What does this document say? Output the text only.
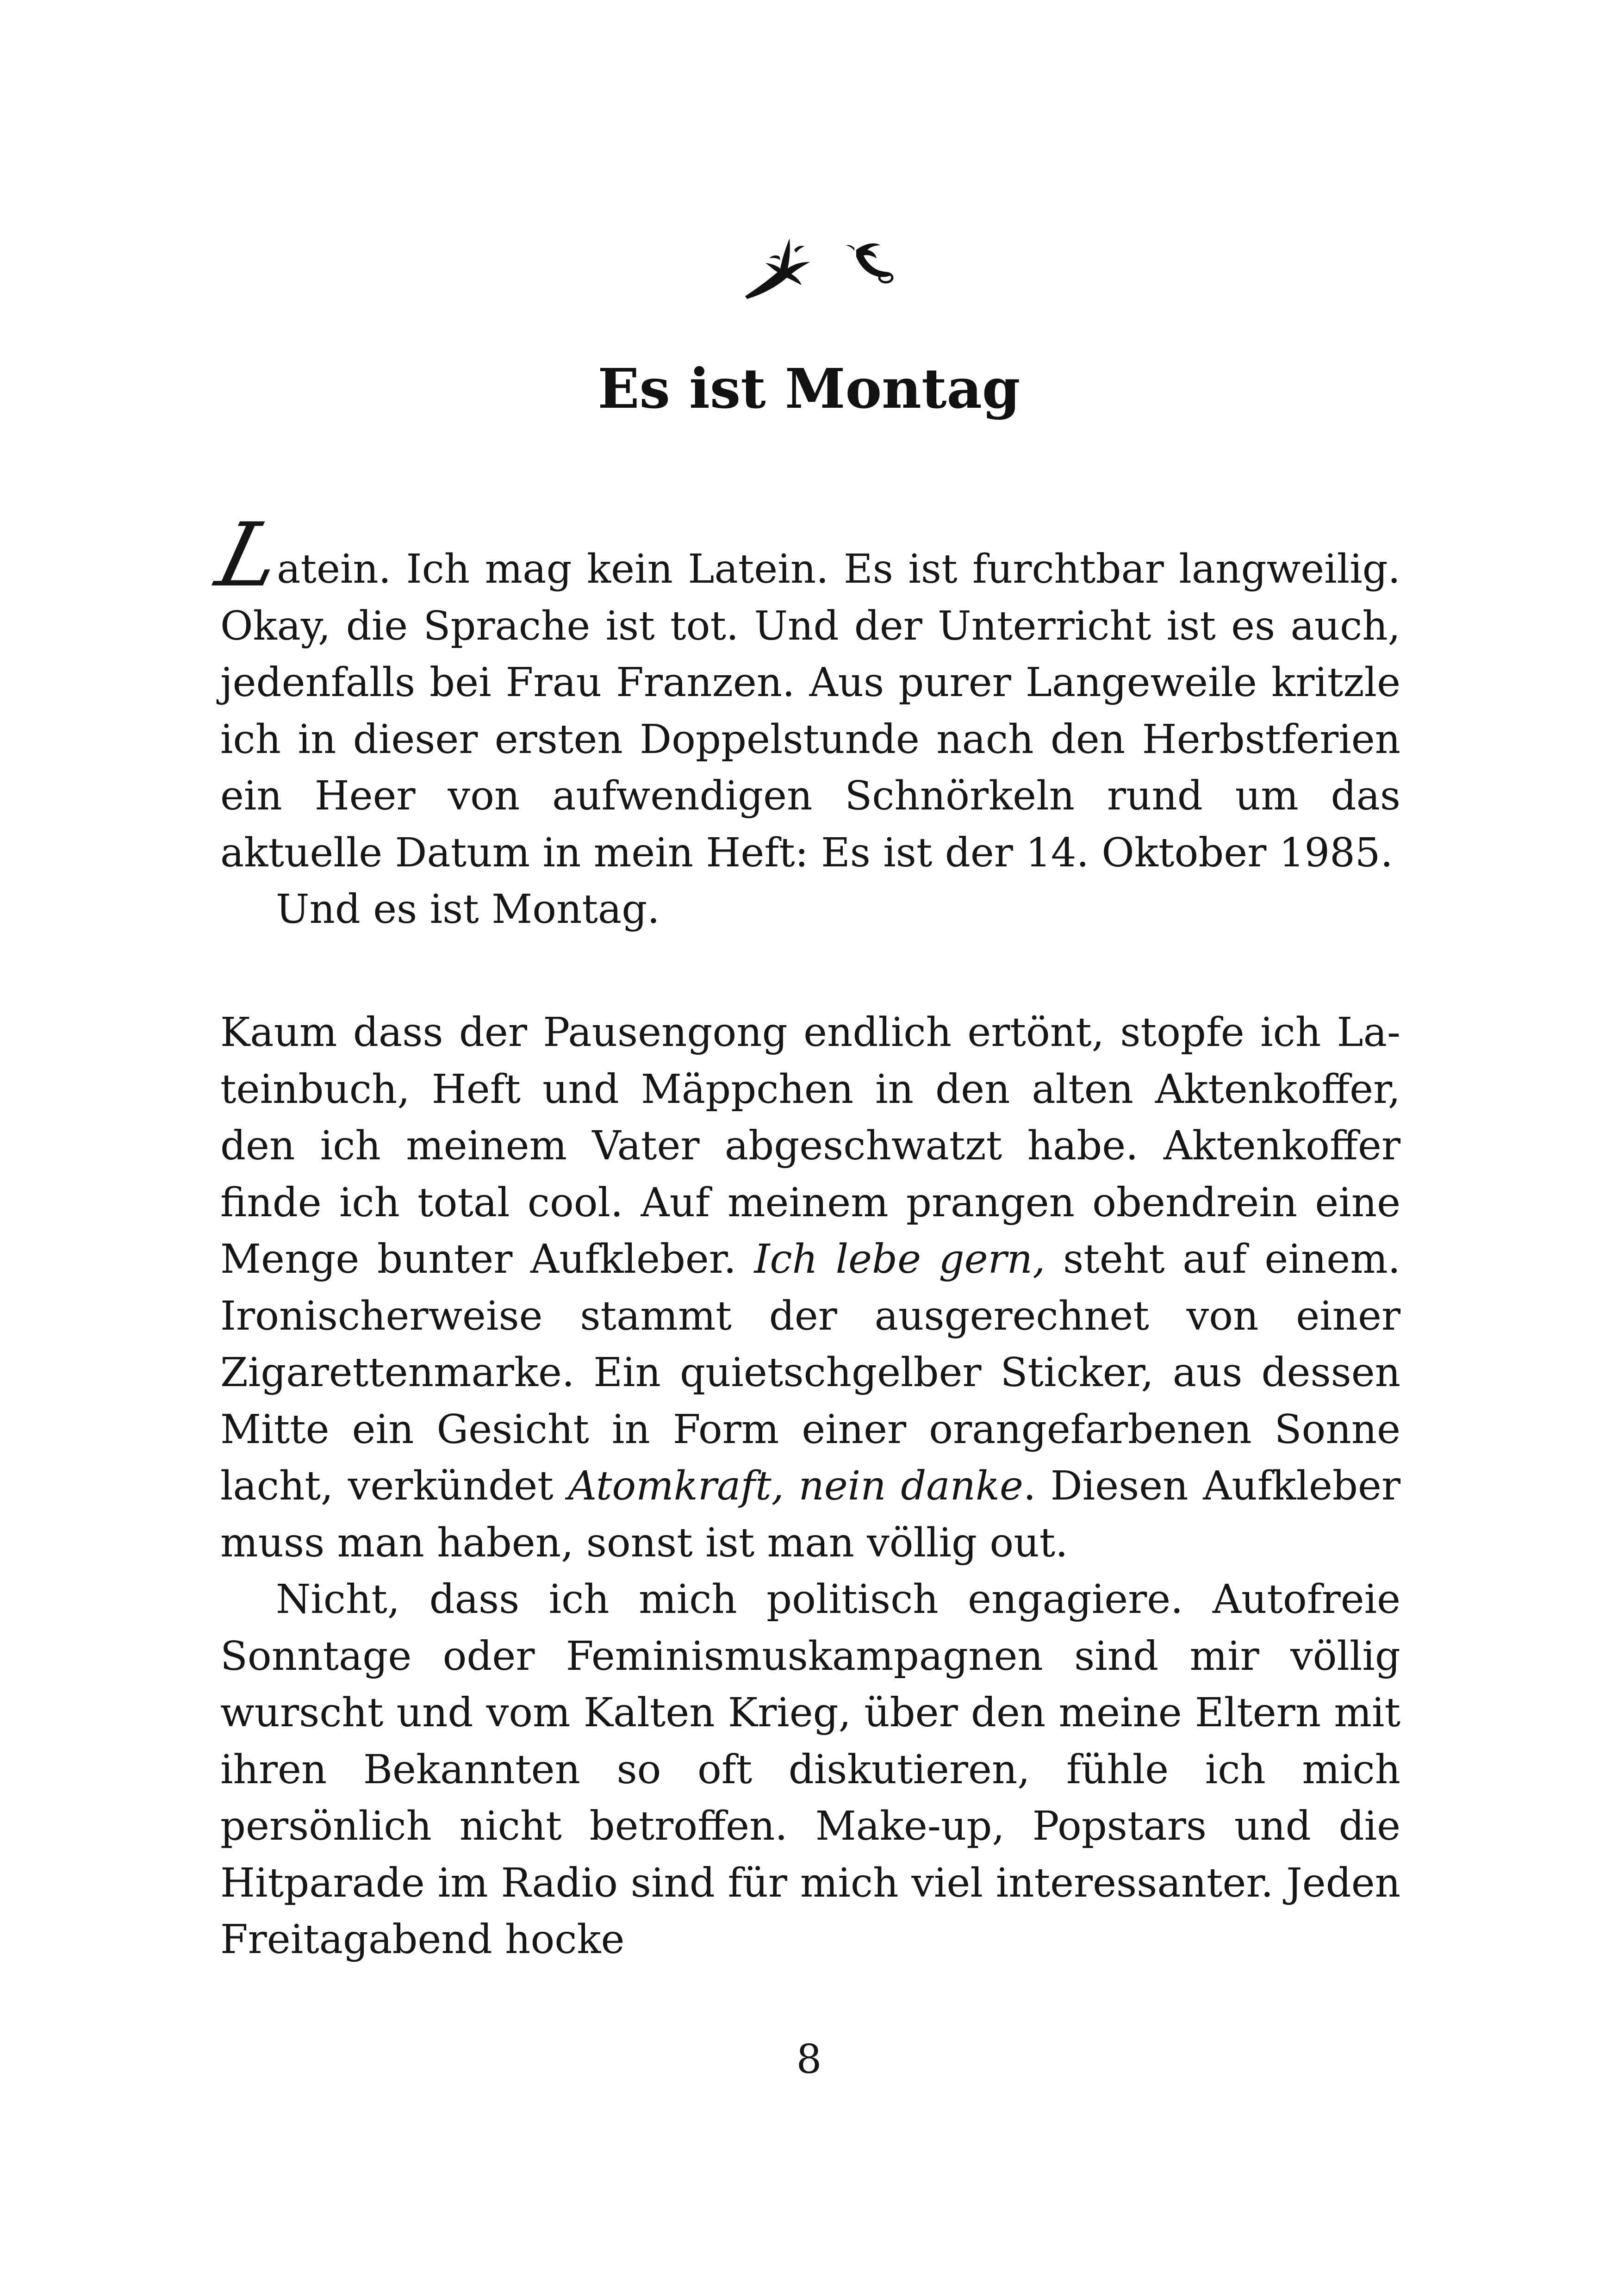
Es ist Montag

Latein. Ich mag kein Latein. Es ist furchtbar langweilig. Okay, die Sprache ist tot. Und der Unterricht ist es auch, jedenfalls bei Frau Franzen. Aus purer Langeweile kritzle ich in dieser ersten Doppelstunde nach den Herbstferien ein Heer von aufwendigen Schnörkeln rund um das aktuelle Datum in mein Heft: Es ist der 14. Oktober 1985.

Und es ist Montag.

Kaum dass der Pausengong endlich ertönt, stopfe ich Lateinbuch, Heft und Mäppchen in den alten Aktenkoffer, den ich meinem Vater abgeschwatzt habe. Aktenkoffer finde ich total cool. Auf meinem prangen obendrein eine Menge bunter Aufkleber. Ich lebe gern, steht auf einem. Ironischerweise stammt der ausgerechnet von einer Zigarettenmarke. Ein quietschgelber Sticker, aus dessen Mitte ein Gesicht in Form einer orangefarbenen Sonne lacht, verkündet Atomkraft, nein danke. Diesen Aufkleber muss man haben, sonst ist man völlig out.

Nicht, dass ich mich politisch engagiere. Autofreie Sonntage oder Feminismuskampagnen sind mir völlig wurscht und vom Kalten Krieg, über den meine Eltern mit ihren Bekannten so oft diskutieren, fühle ich mich persönlich nicht betroffen. Make-up, Popstars und die Hitparade im Radio sind für mich viel interessanter. Jeden Freitagabend hocke

8
